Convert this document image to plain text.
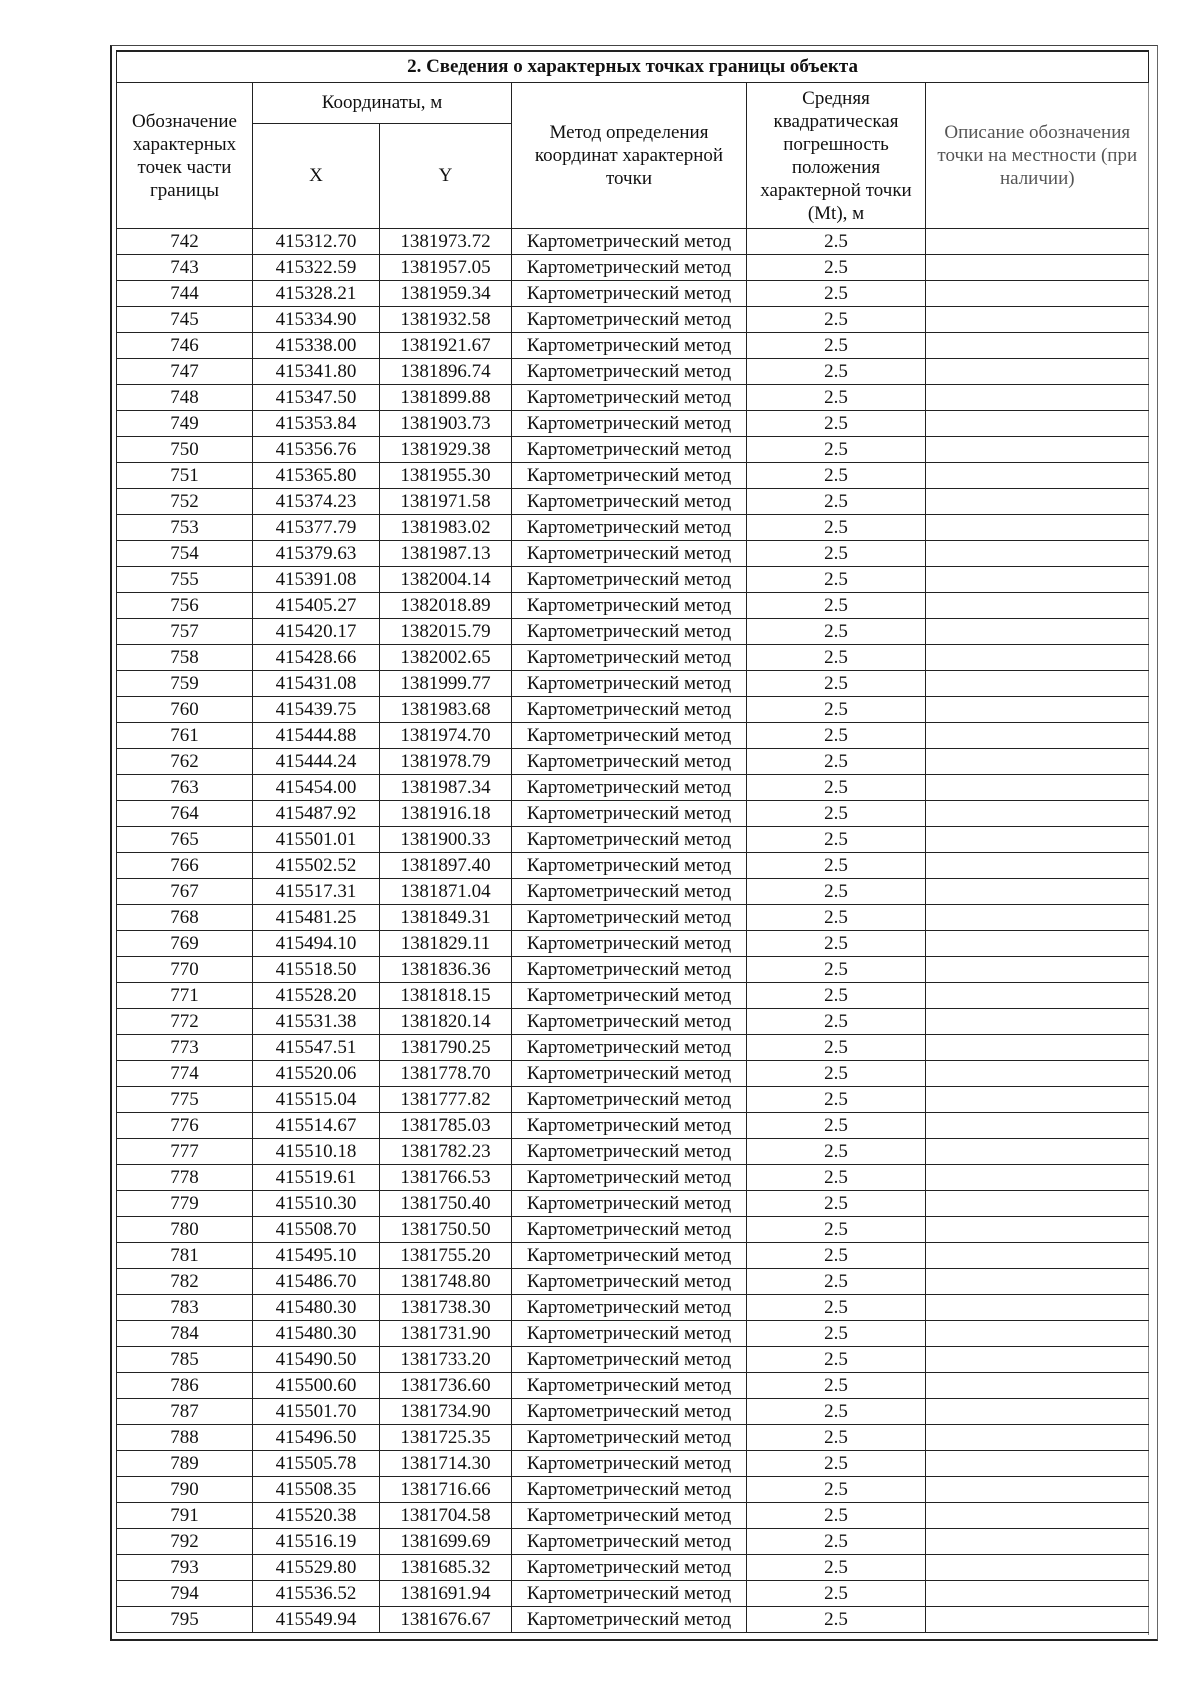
2. Сведения о характерных точках границы объекта					
Обозначение характерных точек части границы	Координаты, м		Метод определения координат характерной точки	Средняя квадратическая погрешность положения характерной точки (Mt), м	Описание обозначения точки на местности (при наличии)
	X	Y			
742	415312.70	1381973.72	Картометрический метод	2.5	
743	415322.59	1381957.05	Картометрический метод	2.5	
744	415328.21	1381959.34	Картометрический метод	2.5	
745	415334.90	1381932.58	Картометрический метод	2.5	
746	415338.00	1381921.67	Картометрический метод	2.5	
747	415341.80	1381896.74	Картометрический метод	2.5	
748	415347.50	1381899.88	Картометрический метод	2.5	
749	415353.84	1381903.73	Картометрический метод	2.5	
750	415356.76	1381929.38	Картометрический метод	2.5	
751	415365.80	1381955.30	Картометрический метод	2.5	
752	415374.23	1381971.58	Картометрический метод	2.5	
753	415377.79	1381983.02	Картометрический метод	2.5	
754	415379.63	1381987.13	Картометрический метод	2.5	
755	415391.08	1382004.14	Картометрический метод	2.5	
756	415405.27	1382018.89	Картометрический метод	2.5	
757	415420.17	1382015.79	Картометрический метод	2.5	
758	415428.66	1382002.65	Картометрический метод	2.5	
759	415431.08	1381999.77	Картометрический метод	2.5	
760	415439.75	1381983.68	Картометрический метод	2.5	
761	415444.88	1381974.70	Картометрический метод	2.5	
762	415444.24	1381978.79	Картометрический метод	2.5	
763	415454.00	1381987.34	Картометрический метод	2.5	
764	415487.92	1381916.18	Картометрический метод	2.5	
765	415501.01	1381900.33	Картометрический метод	2.5	
766	415502.52	1381897.40	Картометрический метод	2.5	
767	415517.31	1381871.04	Картометрический метод	2.5	
768	415481.25	1381849.31	Картометрический метод	2.5	
769	415494.10	1381829.11	Картометрический метод	2.5	
770	415518.50	1381836.36	Картометрический метод	2.5	
771	415528.20	1381818.15	Картометрический метод	2.5	
772	415531.38	1381820.14	Картометрический метод	2.5	
773	415547.51	1381790.25	Картометрический метод	2.5	
774	415520.06	1381778.70	Картометрический метод	2.5	
775	415515.04	1381777.82	Картометрический метод	2.5	
776	415514.67	1381785.03	Картометрический метод	2.5	
777	415510.18	1381782.23	Картометрический метод	2.5	
778	415519.61	1381766.53	Картометрический метод	2.5	
779	415510.30	1381750.40	Картометрический метод	2.5	
780	415508.70	1381750.50	Картометрический метод	2.5	
781	415495.10	1381755.20	Картометрический метод	2.5	
782	415486.70	1381748.80	Картометрический метод	2.5	
783	415480.30	1381738.30	Картометрический метод	2.5	
784	415480.30	1381731.90	Картометрический метод	2.5	
785	415490.50	1381733.20	Картометрический метод	2.5	
786	415500.60	1381736.60	Картометрический метод	2.5	
787	415501.70	1381734.90	Картометрический метод	2.5	
788	415496.50	1381725.35	Картометрический метод	2.5	
789	415505.78	1381714.30	Картометрический метод	2.5	
790	415508.35	1381716.66	Картометрический метод	2.5	
791	415520.38	1381704.58	Картометрический метод	2.5	
792	415516.19	1381699.69	Картометрический метод	2.5	
793	415529.80	1381685.32	Картометрический метод	2.5	
794	415536.52	1381691.94	Картометрический метод	2.5	
795	415549.94	1381676.67	Картометрический метод	2.5	
